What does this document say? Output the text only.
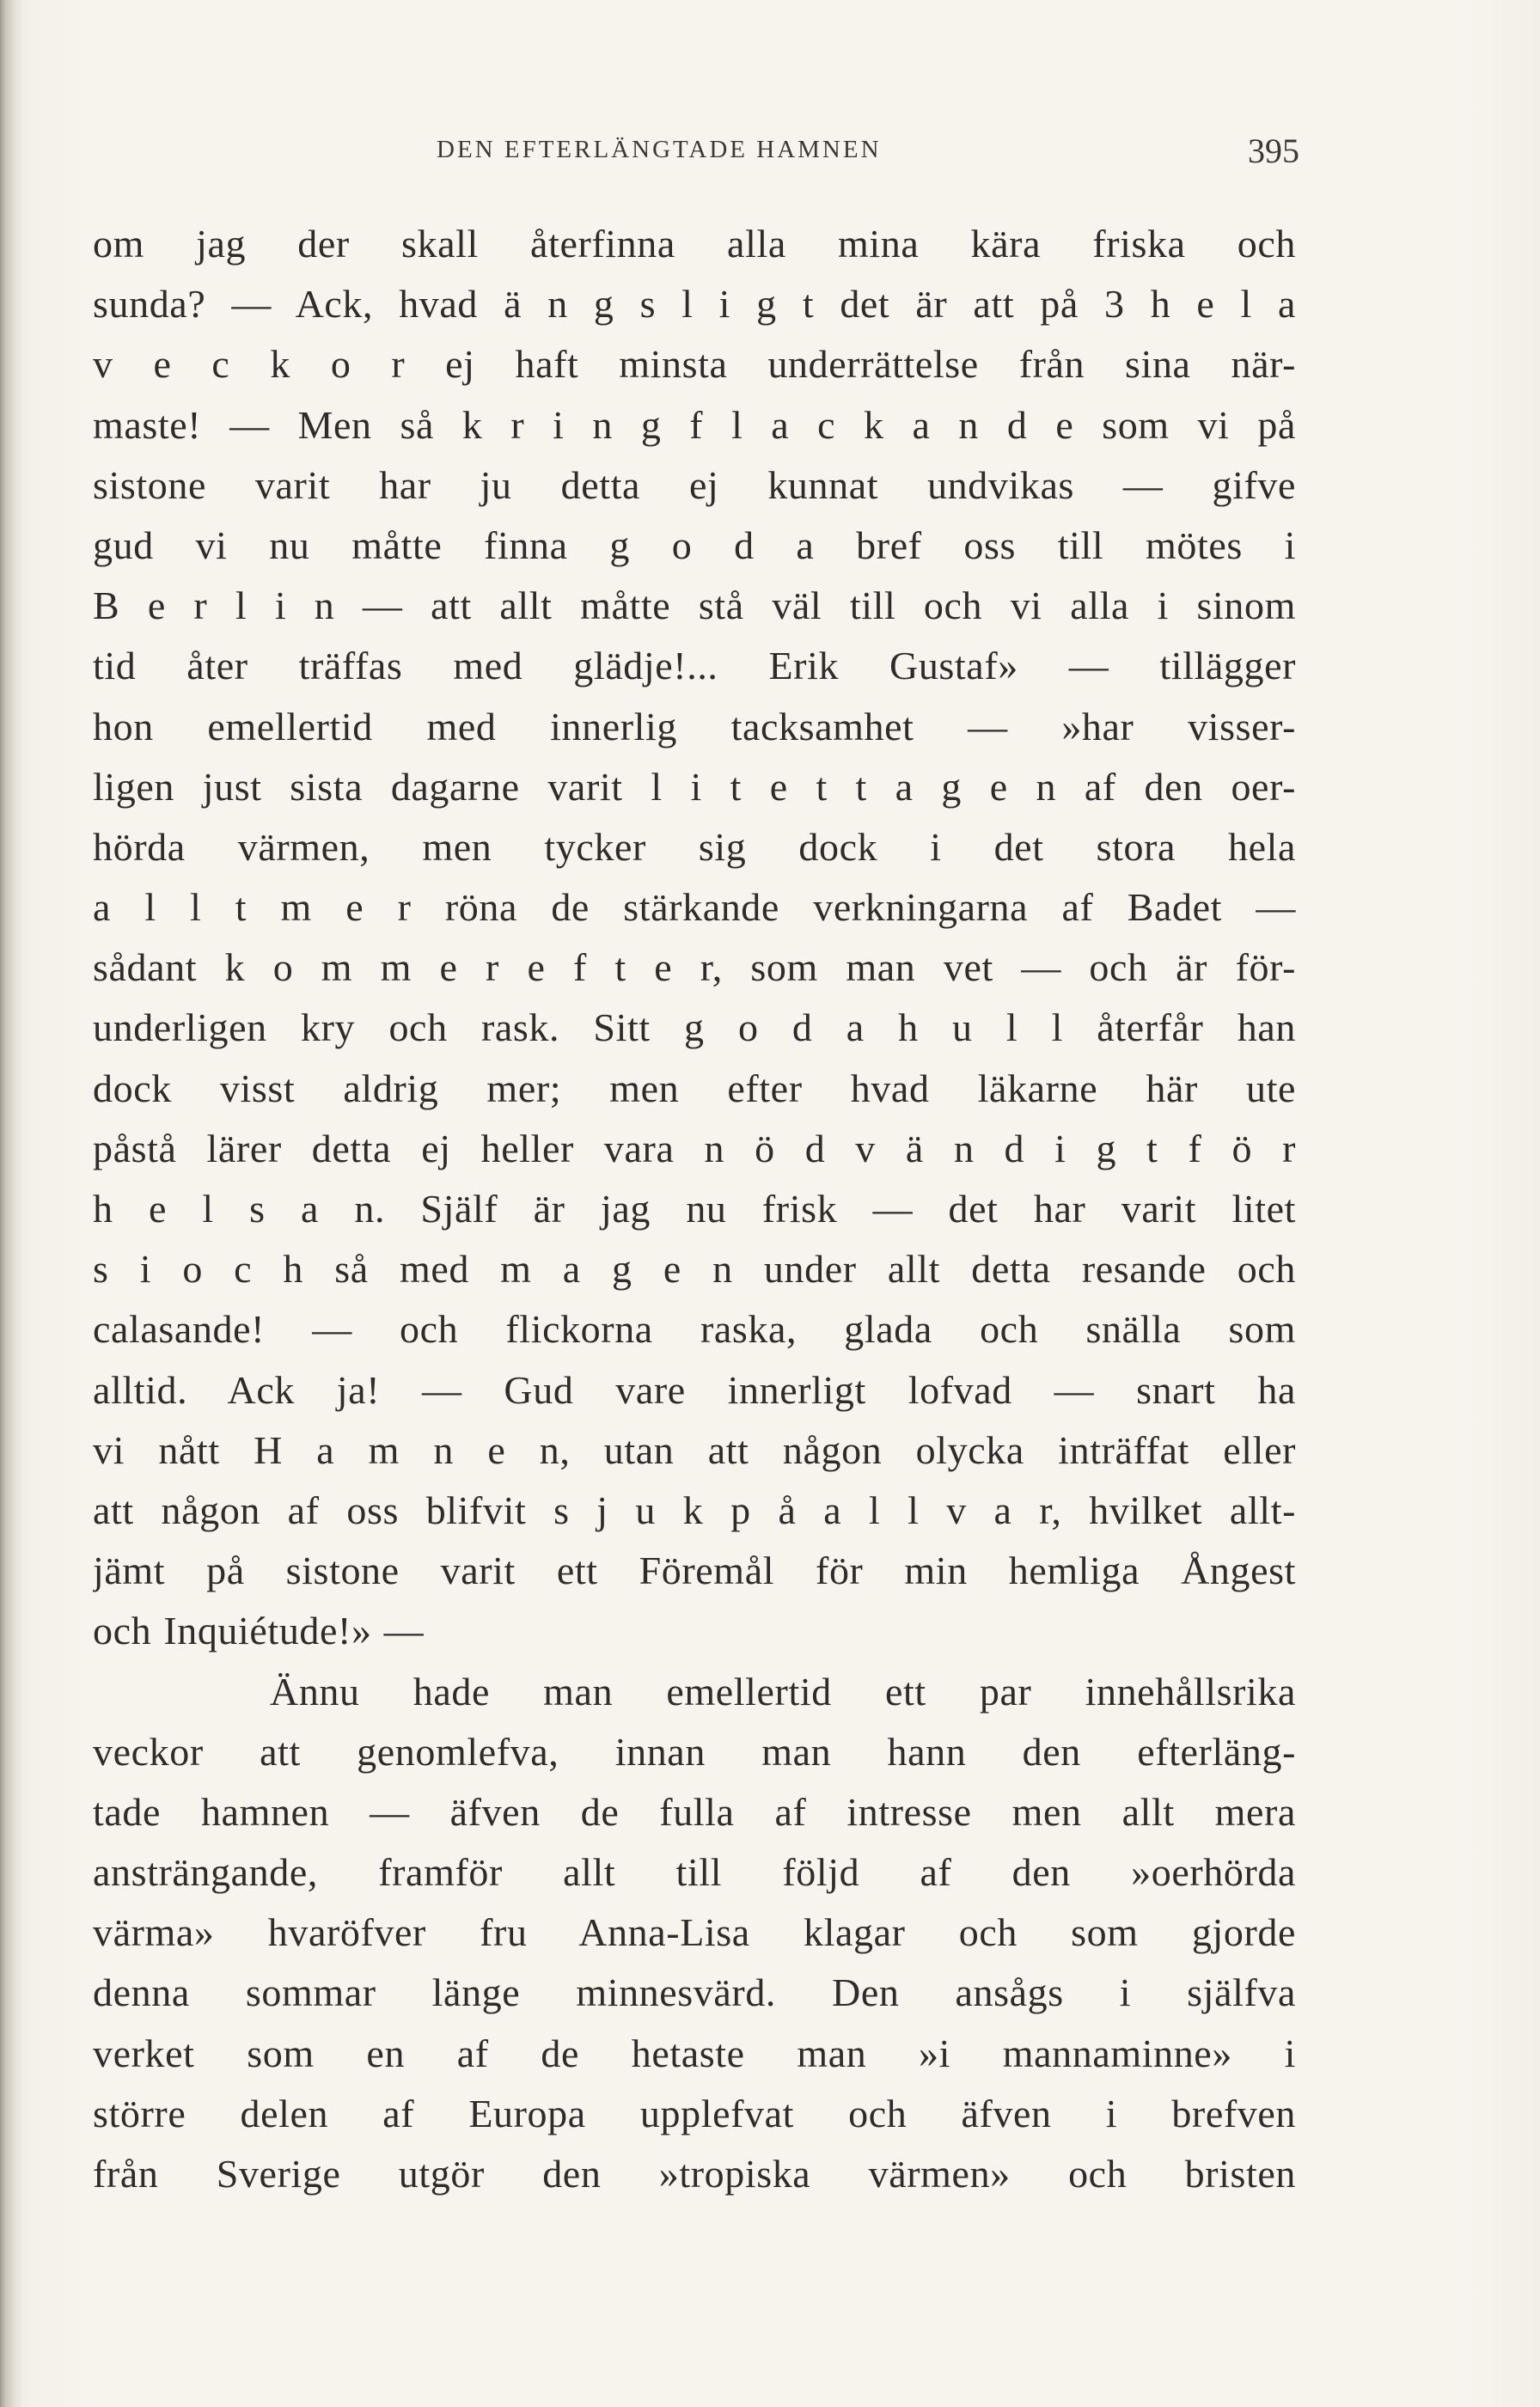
DEN EFTERLÄNGTADE HAMNEN	395
om jag der skall återfinna alla mina kära friska och
sunda? — Ack, hvad ä n g s l i g t det är att på 3 h e l a
v e c k o r ej haft minsta underrättelse från sina när-
maste! — Men så k r i n g f l a c k a n d e som vi på
sistone varit har ju detta ej kunnat undvikas — gifve
gud vi nu måtte finna g o d a bref oss till mötes i
B e r l i n — att allt måtte stå väl till och vi alla i sinom
tid åter träffas med glädje!... Erik Gustaf» — tillägger
hon emellertid med innerlig tacksamhet — »har visser-
ligen just sista dagarne varit l i t e t t a g e n af den oer-
hörda värmen, men tycker sig dock i det stora hela
a l l t m e r röna de stärkande verkningarna af Badet —
sådant k o m m e r e f t e r, som man vet — och är för-
underligen kry och rask. Sitt g o d a h u l l återfår han
dock visst aldrig mer; men efter hvad läkarne här ute
påstå lärer detta ej heller vara n ö d v ä n d i g t f ö r
h e l s a n. Själf är jag nu frisk — det har varit litet
s i o c h så med m a g e n under allt detta resande och
calasande! — och flickorna raska, glada och snälla som
alltid. Ack ja! — Gud vare innerligt lofvad — snart ha
vi nått H a m n e n, utan att någon olycka inträffat eller
att någon af oss blifvit s j u k p å a l l v a r, hvilket allt-
jämt på sistone varit ett Föremål för min hemliga Ångest
och Inquiétude!» —
Ännu hade man emellertid ett par innehållsrika
veckor att genomlefva, innan man hann den efterläng-
tade hamnen — äfven de fulla af intresse men allt mera
ansträngande, framför allt till följd af den »oerhörda
värma» hvaröfver fru Anna-Lisa klagar och som gjorde
denna sommar länge minnesvärd. Den ansågs i själfva
verket som en af de hetaste man »i mannaminne» i
större delen af Europa upplefvat och äfven i brefven
från Sverige utgör den »tropiska värmen» och bristen
